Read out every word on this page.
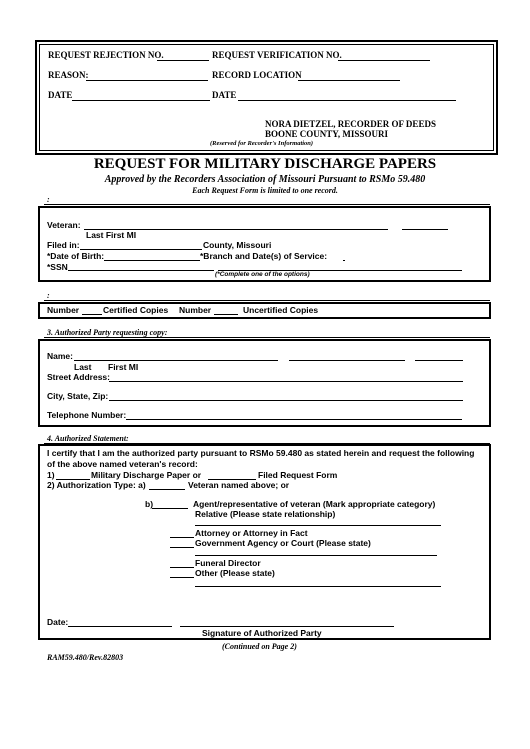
REQUEST REJECTION NO.	REQUEST VERIFICATION NO.
REASON:	RECORD LOCATION
DATE	DATE
NORA DIETZEL, RECORDER OF DEEDS
BOONE COUNTY, MISSOURI
(Reserved for Recorder's Information)
REQUEST FOR MILITARY DISCHARGE PAPERS
Approved by the Recorders Association of Missouri Pursuant to RSMo 59.480
Each Request Form is limited to one record.
:
Veteran:
Last First MI
Filed in:	County, Missouri
*Date of Birth:	*Branch and Date(s) of Service:
*SSN
(*Complete one of the options)
:
Number	Certified Copies Number	Uncertified Copies
3. Authorized Party requesting copy:
Name:
Last First MI
Street Address:
City, State, Zip:
Telephone Number:
4. Authorized Statement:
I certify that I am the authorized party pursuant to RSMo 59.480 as stated herein and request the following
of the above named veteran's record:
1)	Military Discharge Paper or	Filed Request Form
2) Authorization Type: a)	Veteran named above; or
b)	Agent/representative of veteran (Mark appropriate category)
Relative (Please state relationship)
Attorney or Attorney in Fact
Government Agency or Court (Please state)
Funeral Director
Other (Please state)
Date:
Signature of Authorized Party
(Continued on Page 2)
RAM59.480/Rev.82803
